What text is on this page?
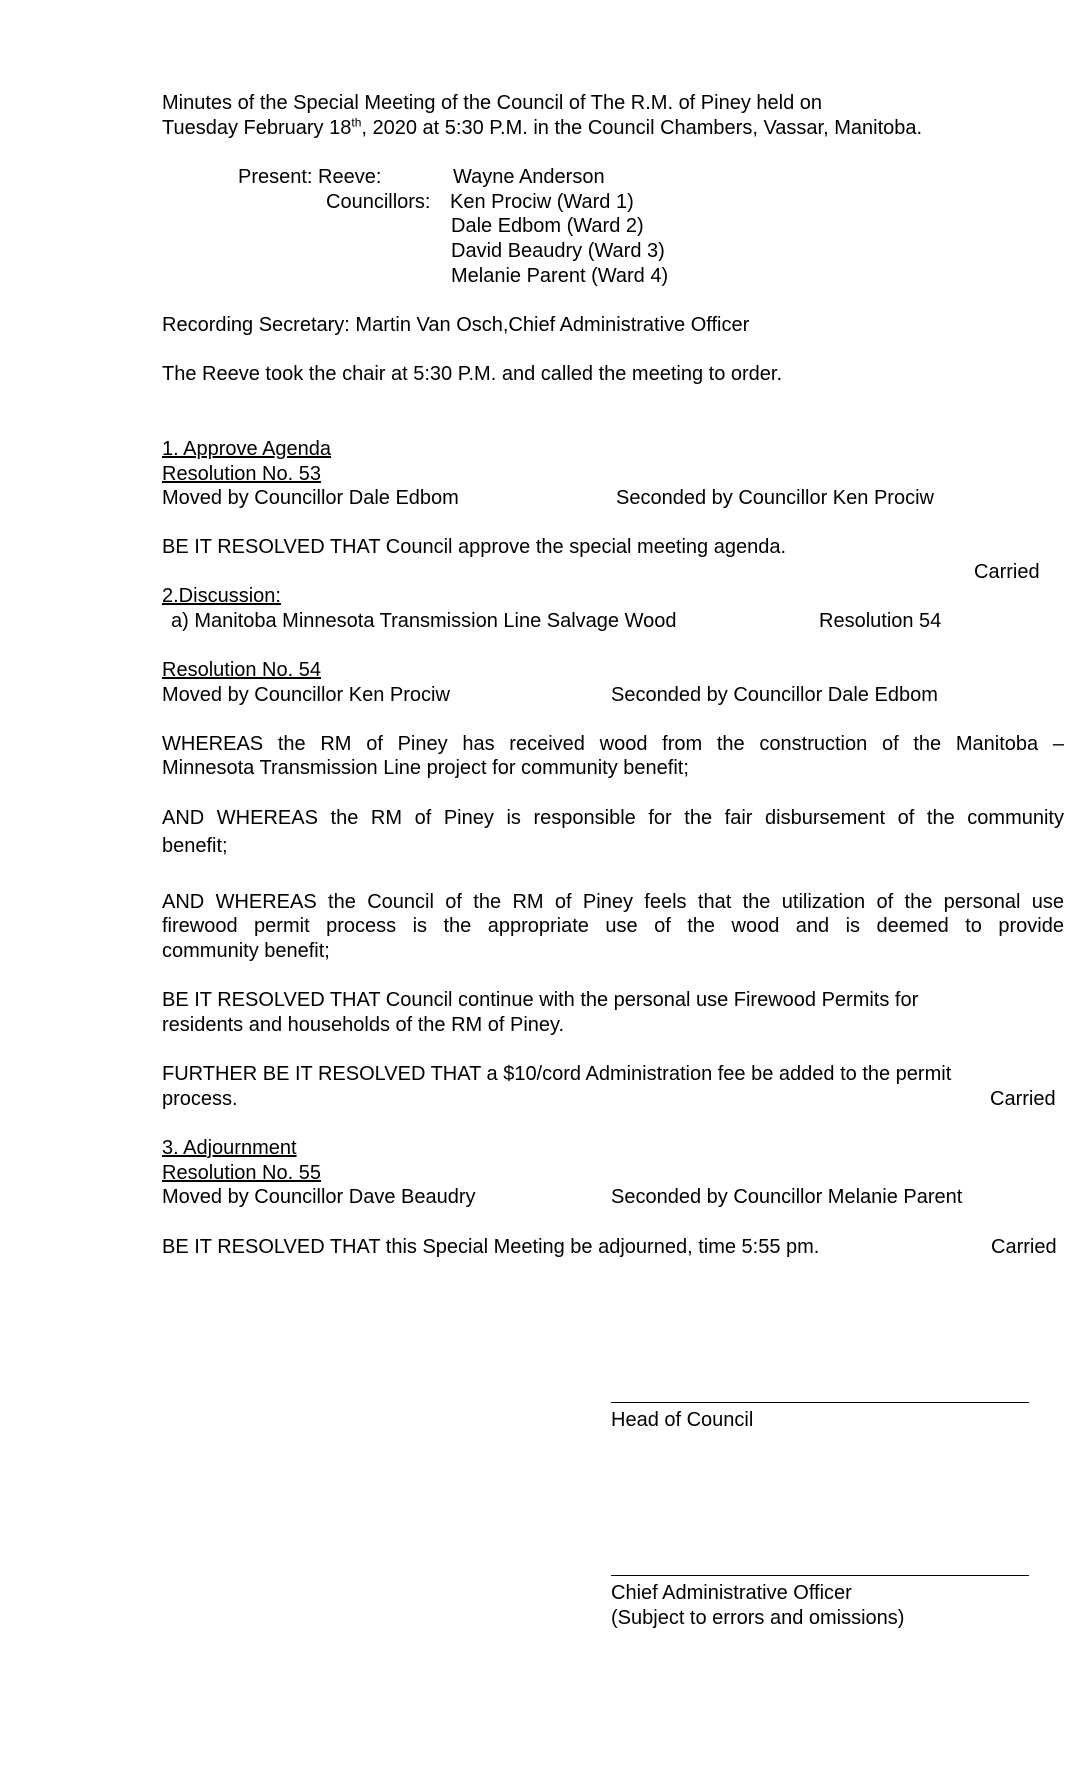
Minutes of the Special Meeting of the Council of The R.M. of Piney held on
Tuesday February 18th, 2020 at 5:30 P.M. in the Council Chambers, Vassar, Manitoba.
Present: Reeve:	Wayne Anderson
Councillors: Ken Prociw (Ward 1)
Dale Edbom (Ward 2)
David Beaudry (Ward 3)
Melanie Parent (Ward 4)
Recording Secretary: Martin Van Osch,Chief Administrative Officer
The Reeve took the chair at 5:30 P.M. and called the meeting to order.
1. Approve Agenda
Resolution No. 53
Moved by Councillor Dale Edbom	Seconded by Councillor Ken Prociw
BE IT RESOLVED THAT Council approve the special meeting agenda.
Carried
2.Discussion:
a) Manitoba Minnesota Transmission Line Salvage Wood	Resolution 54
Resolution No. 54
Moved by Councillor Ken Prociw	Seconded by Councillor Dale Edbom
WHEREAS the RM of Piney has received wood from the construction of the Manitoba –
Minnesota Transmission Line project for community benefit;
AND WHEREAS the RM of Piney is responsible for the fair disbursement of the community
benefit;
AND WHEREAS the Council of the RM of Piney feels that the utilization of the personal use
firewood permit process is the appropriate use of the wood and is deemed to provide
community benefit;
BE IT RESOLVED THAT Council continue with the personal use Firewood Permits for
residents and households of the RM of Piney.
FURTHER BE IT RESOLVED THAT a $10/cord Administration fee be added to the permit
process.	Carried
3. Adjournment
Resolution No. 55
Moved by Councillor Dave Beaudry	Seconded by Councillor Melanie Parent
BE IT RESOLVED THAT this Special Meeting be adjourned, time 5:55 pm.	Carried
Head of Council
Chief Administrative Officer
(Subject to errors and omissions)
